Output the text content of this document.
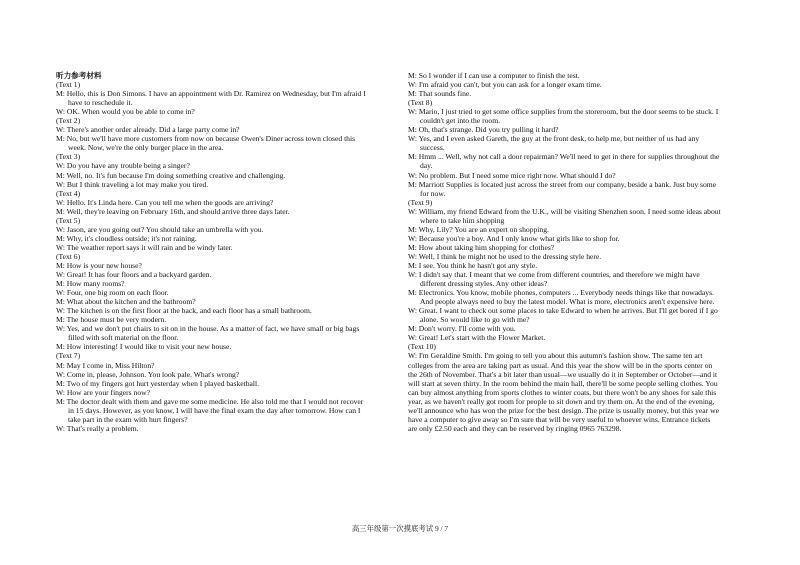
听力参考材料
(Text 1)
M: Hello, this is Don Simons. I have an appointment with Dr. Ramirez on Wednesday, but I'm afraid I
have to reschedule it.
W: OK. When would you be able to come in?
(Text 2)
W: There's another order already. Did a large party come in?
M: No, but we'll have more customers from now on because Owen's Diner across town closed this
week. Now, we're the only burger place in the area.
(Text 3)
W: Do you have any trouble being a singer?
M: Well, no. It's fun because I'm doing something creative and challenging.
W: But I think traveling a lot may make you tired.
(Text 4)
W: Hello. It's Linda here. Can you tell me when the goods are arriving?
M: Well, they're leaving on February 16th, and should arrive three days later.
(Text 5)
W: Jason, are you going out? You should take an umbrella with you.
M: Why, it's cloudless outside; it's not raining.
W: The weather report says it will rain and be windy later.
(Text 6)
M: How is your new house?
W: Great! It has four floors and a backyard garden.
M: How many rooms?
W: Four, one big room on each floor.
M: What about the kitchen and the bathroom?
W: The kitchen is on the first floor at the back, and each floor has a small bathroom.
M: The house must be very modern.
W: Yes, and we don't put chairs to sit on in the house. As a matter of fact, we have small or big bags
filled with soft material on the floor.
M: How interesting! I would like to visit your new house.
(Text 7)
M: May I come in, Miss Hilton?
W: Come in, please, Johnson. You look pale. What's wrong?
M: Two of my fingers got hurt yesterday when I played basketball.
W: How are your fingers now?
M: The doctor dealt with them and gave me some medicine. He also told me that I would not recover
in 15 days. However, as you know, I will have the final exam the day after tomorrow. How can I
take part in the exam with hurt fingers?
W: That's really a problem.
M: So I wonder if I can use a computer to finish the test.
W: I'm afraid you can't, but you can ask for a longer exam time.
M: That sounds fine.
(Text 8)
W: Mario, I just tried to get some office supplies from the storeroom, but the door seems to be stuck. I
couldn't get into the room.
M: Oh, that's strange. Did you try pulling it hard?
W: Yes, and I even asked Gareth, the guy at the front desk, to help me, but neither of us had any
success.
M: Hmm ... Well, why not call a door repairman? We'll need to get in there for supplies throughout the
day.
W: No problem. But I need some mice right now. What should I do?
M: Marriott Supplies is located just across the street from our company, beside a bank. Just buy some
for now.
(Text 9)
W: William, my friend Edward from the U.K., will be visiting Shenzhen soon. I need some ideas about
where to take him shopping
M: Why, Lily? You are an expert on shopping.
W: Because you're a boy. And I only know what girls like to shop for.
M: How about taking him shopping for clothes?
W: Well, I think he might not be used to the dressing style here.
M: I see. You think he hasn't got any style.
W: I didn't say that. I meant that we come from different countries, and therefore we might have
different dressing styles. Any other ideas?
M: Electronics. You know, mobile phones, computers ... Everybody needs things like that nowadays.
And people always need to buy the latest model. What is more, electronics aren't expensive here.
W: Great. I want to check out some places to take Edward to when he arrives. But I'll get bored if I go
alone. So would like to go with me?
M: Don't worry. I'll come with you.
W: Great! Let's start with the Flower Market.
(Text 10)
W: I'm Geraldine Smith. I'm going to tell you about this autumn's fashion show. The same ten art
colleges from the area are taking part as usual. And this year the show will be in the sports center on
the 26th of November. That's a bit later than usual—we usually do it in September or October—and it
will start at seven thirty. In the room behind the main hall, there'll be some people selling clothes. You
can buy almost anything from sports clothes to winter coats, but there won't be any shoes for sale this
year, as we haven't really got room for people to sit down and try them on. At the end of the evening,
we'll announce who has won the prize for the best design. The prize is usually money, but this year we
have a computer to give away so I'm sure that will be very useful to whoever wins. Entrance tickets
are only £2.50 each and they can be reserved by ringing 0965 763298.
高三年级第一次摸底考试 9 / 7
